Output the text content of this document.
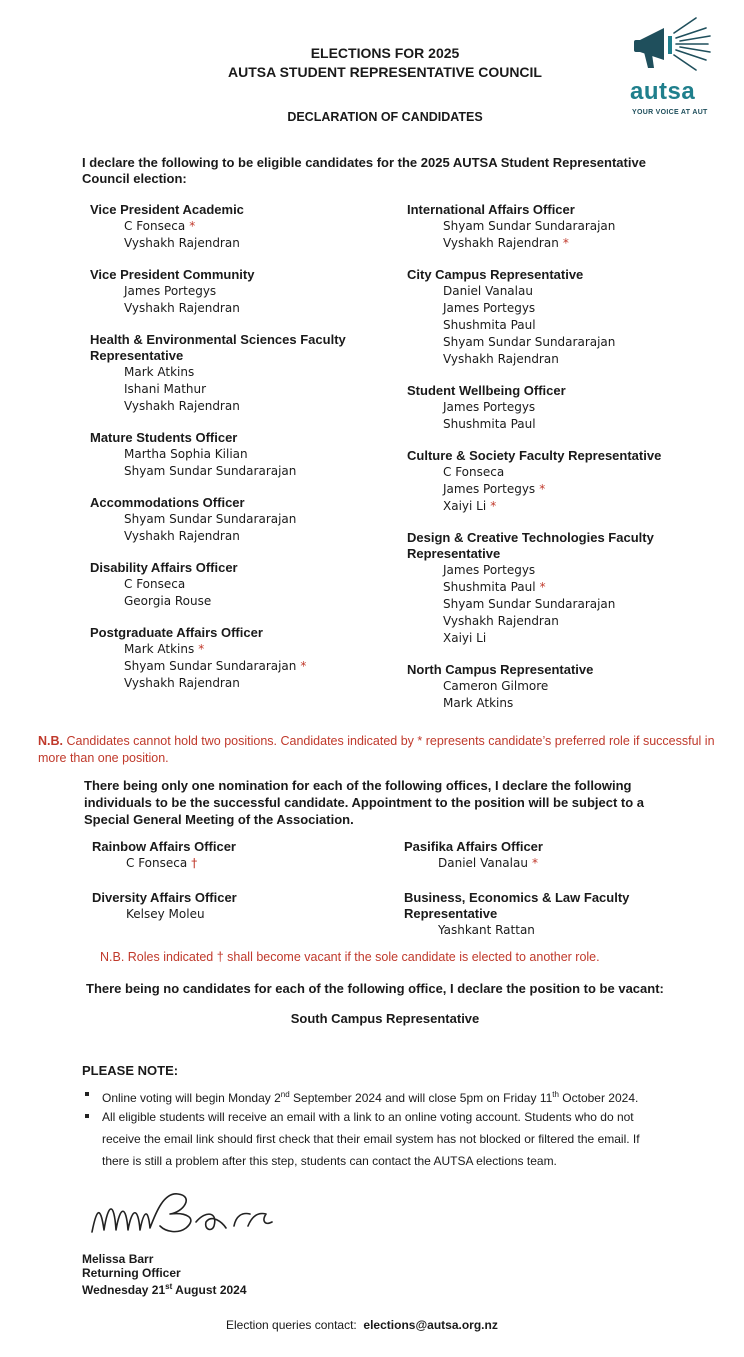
ELECTIONS FOR 2025
AUTSA STUDENT REPRESENTATIVE COUNCIL
DECLARATION OF CANDIDATES
autsa
YOUR VOICE AT AUT
I declare the following to be eligible candidates for the 2025 AUTSA Student Representative Council election:
Vice President Academic
C Fonseca *
Vyshakh Rajendran
Vice President Community
James Portegys
Vyshakh Rajendran
Health & Environmental Sciences Faculty Representative
Mark Atkins
Ishani Mathur
Vyshakh Rajendran
Mature Students Officer
Martha Sophia Kilian
Shyam Sundar Sundararajan
Accommodations Officer
Shyam Sundar Sundararajan
Vyshakh Rajendran
Disability Affairs Officer
C Fonseca
Georgia Rouse
Postgraduate Affairs Officer
Mark Atkins *
Shyam Sundar Sundararajan *
Vyshakh Rajendran
International Affairs Officer
Shyam Sundar Sundararajan
Vyshakh Rajendran *
City Campus Representative
Daniel Vanalau
James Portegys
Shushmita Paul
Shyam Sundar Sundararajan
Vyshakh Rajendran
Student Wellbeing Officer
James Portegys
Shushmita Paul
Culture & Society Faculty Representative
C Fonseca
James Portegys *
Xaiyi Li *
Design & Creative Technologies Faculty Representative
James Portegys
Shushmita Paul *
Shyam Sundar Sundararajan
Vyshakh Rajendran
Xaiyi Li
North Campus Representative
Cameron Gilmore
Mark Atkins
N.B. Candidates cannot hold two positions. Candidates indicated by * represents candidate’s preferred role if successful in more than one position.
There being only one nomination for each of the following offices, I declare the following individuals to be the successful candidate. Appointment to the position will be subject to a Special General Meeting of the Association.
Rainbow Affairs Officer
C Fonseca †
Diversity Affairs Officer
Kelsey Moleu
Pasifika Affairs Officer
Daniel Vanalau *
Business, Economics & Law Faculty Representative
Yashkant Rattan
N.B. Roles indicated † shall become vacant if the sole candidate is elected to another role.
There being no candidates for each of the following office, I declare the position to be vacant:
South Campus Representative
PLEASE NOTE:
Online voting will begin Monday 2nd September 2024 and will close 5pm on Friday 11th October 2024.
All eligible students will receive an email with a link to an online voting account. Students who do not receive the email link should first check that their email system has not blocked or filtered the email. If there is still a problem after this step, students can contact the AUTSA elections team.
Melissa Barr
Returning Officer
Wednesday 21st August 2024
Election queries contact:  elections@autsa.org.nz
